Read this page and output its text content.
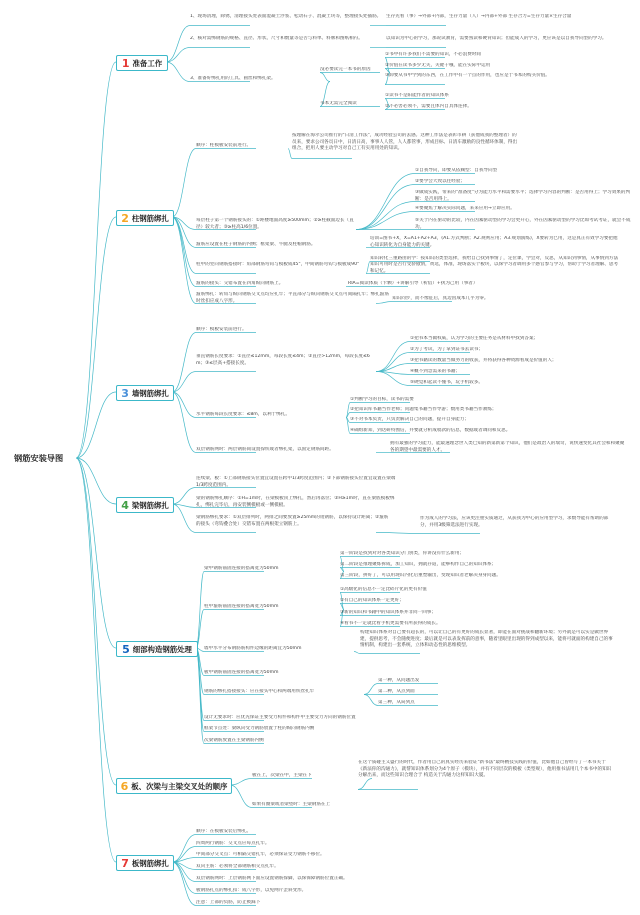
钢筋安装导图
1 准备工作
1、现场清理，除锈，清理接头处表面混凝土浮浆、松动石子、混凝土块等，整理接头处插筋。	生存先看（事）→外部+内部，生存力量（人）→内部+外部 生存合力=生存力量×生存合量
2、核对需绑钢筋的规格、直径、形状、尺寸和数量等是否与料单、料牌和图纸相符。	以知识为中心的学习，那说试教育，需要熟读和硬背知识；但能成人的学习，更应该是以自我导向型的学习。
3、准备好绑扎用的工具、圆丝和绑扎架。
没必要读完一本书的原因
①书中有许多我们不需要的知识，不必浪费时间
②价值在读书多少无关，关键干哦，能在实际中运用
③卸要从书中学到的东西，在工作中有一个点的作用，也应是于书本的购买价值。
书本无需完全阅读
①读书不是阳能作者的知识体系
②不必害必须不，需要且体内自具体连择。
2 柱钢筋绑扎
顺序：柱模板安装前进行。
按理解在海尔公司推行的"日清工作法"，成功经验公司的去感。这种工作法是表彰市耕（获他成我的整理者）的员来，要求公司各员日中，日清日高，事事人人管，人人都管事，形成目标、日清车激励的良性循环体制，得出组合，把用人要主动学习对自己工有实用用处的知识。
每层柱子第一个钢筋接头的：①距楼地面高度≥500mm；②≥柱截面边长（直径）较大者；③≥柱高1/6位置。
①自我导向，即要从依赖型：自我导向型
②要学会大致以往经验；
③做成实践，带来的"准备度"分为能力水平和需要水平；选择学习内容的判断：是否用得上；学习效果的判断：是否用得上。
④要聚焦于解决实际问题，来来应用→立即应用。
⑤关于内在驱动的比较，内在因素驱动型的学习会更开心，外在因素驱动型的学习比如考试考证，就会不成功。
箍筋应设置在柱子钢筋的内侧；框架梁、牛腿及柱帽钢筋。
培训=图书+X，X=A1+A2+A3，(A1.方式判断；A2.规则应用；A3.规划演练)，X要转为已用，这是真正有效学习要把他心知识转化为自身能力的关键。
柱中的竖向钢筋搭接时：角部钢筋弯钩与模板成45°，中间钢筋弯钩与模板成90°
知识转化三重路由的学：按知识的类型选择，我给自己找到事情了，定位课，学会对，反思，从知识到事情，从事情到方法
知识可用时是否行受骄傲情，黄选，体准，现场落实个板块，以保学习者调用多个感官参与学习，帮助于学习者理解、思考和记忆。
箍筋的接头：交错布置在四角纵向钢筋上。	RIA=阅读体质（卡颗）+讲解引导（析借）+执为己用（事者）
箍筋绑扎：转角与纵向钢筋交叉点均应扎牢；平直部分与纵向钢筋交叉点可间隔扎牢；绑扎箍筋时丝扣应成八字形。
知识同步，而不像征后，真边因成本几乎为零。
3 墙钢筋绑扎
顺序：模板安装前进行。
垂直钢筋长度要求：①直径≤12mm，每段长度≤4m；②直径>12mm，每段长度≤6m；③≤层高+搭接长度。
①把书本当做权威，认为学习的主要任务是从材料中找到答案；
②为了考试，为了拿到证书去读书；
③把书籍读的数量当做努力的收获，并将获得各种资源看成是价值的人；
④概不到急需来的书籍；
⑤硬觉和起读不懂书，玩手机较多。
水平钢筋每段长度要求：≤8m，以利于绑扎。
①判断学习的目标，读书的需要
②把知识库书籍当作老师；问题集书籍当作导游；数用类书籍当作教练；
③不对书本负责，只负责解决自己的问题，提升自身能力；
④确组新知，到达研特围信，并要就分析成收款的信息，数据或者调问和反思。
双层钢筋网时：两层钢筋间设置撑铁或者绑扎架，以固定钢筋间距。
拥有最强的学习能力，能最速理念世人类已知的新第新第个知识，他们是政治人的瑞奇，说快速变化其社会和和聚聚各的期望中最需要的人才。
4 梁钢筋绑扎
连续梁、板：①上部钢筋接头位置宜设置在跨中1/3跨度范围内；②下部钢筋接头位置宜设置在梁端1/3跨度范围内。
梁的钢筋绑扎顺序：①H=1m时，在梁模板顶上绑扎，然后再落位；②H≥1m时，直在梁底模板绑扎，绑扎完毕后，再安装侧模板或一侧模板。
梁钢筋绑扎要求：①双层排列时，两排之间要放置≥25mm的短钢筋，以保持设计距离；②箍筋的接头（弯钩叠合处）交错布置在两根架立钢筋上。
作为成人的学习法，应该更注重实质通过，从获我为中心的应用型学习，求数导能有帮助的部分，并用3级筛选法进行实现。
5 细部构造钢筋处理
梁中钢筋锚固连接的搭离宽为50mm
第一阶段是找到对对各类知识分门别类，你讲没有什么新用；
第二阶段是推理聚炼拆成，加工知识，拥就存道，能够构作自己的知识体系；
第三阶段，拼好了，可以用现识内化后重塑输出，变现知识者老解决身身问题。
柱中箍筋锚固连接的搭离宽为50mm
①高级化的信息不一定比碎片化的更有价值
②有自己的知识体系一定更好；
③新的知识和书籍中的知识体系并非同一回事；
④看书不一定就比看手机更需要有所获得的成长。
墙中水平分布钢筋筋构件边缘的距离宜为50mm
构建知识体系对自己要有超长的，可以让自己的有更好的成长显著，即能在面对挑战和翻新环境；另外就是可以实是做世界建，提供思考，不会随便进度；最后就是可以表发挥前的意事，随着里眼里出现的得到成型以来，能将可就面的构建自己的事情机制，构建出一套系统，立体和动态性的思维模型。
板中钢筋锚固连接的搭离宽为50mm
钢筋的绑扎搭接接头：应在接头中心和两端用铁丝扎牢
第一种，从问题出发
第二种，从点到面
第三种，从局到点
设计无要求时：应优先保证主要受力构件和构件中主要受力方向的钢筋位置
框架节点处：梁纵向受力钢筋放置于柱的纵向钢筋内侧
次梁钢筋放置在主梁钢筋内侧
6 板、次梁与主梁交叉处的顺序
板在上，次梁在中，主梁在下
在这个质碰主义盛行的时代，作者用自己的真实经历来验证"新书法"最终精技实践的价值，比如他自己曾经写了一本书关于《新法你的沟通力》，就帮知识体系划分为4个原子（模块），并有不同层次的模板（类型规），他用推书法用几个本书中的知识分解出来，而这些知识合理合于 构造关于沟通力这样知识大厦。
如果有圈梁或者梁垫时：主梁钢筋在上
7 板钢筋绑扎
顺序：在模板安装后绑扎。
四周两行钢筋：交叉点应每点扎牢。
中间部分交叉点：可相隔交错扎牢，必须保证受力钢筋不移位。
双向主筋：必须将全部钢筋相交点扎牢。
双层钢筋网时：上层钢筋网下面应设置钢筋撑脚，以保保障钢筋位置正确。
板钢筋扎点的绑扎扣：成八字形，以免网片歪斜变形。
注意：上部的负筋，防止被踩下
